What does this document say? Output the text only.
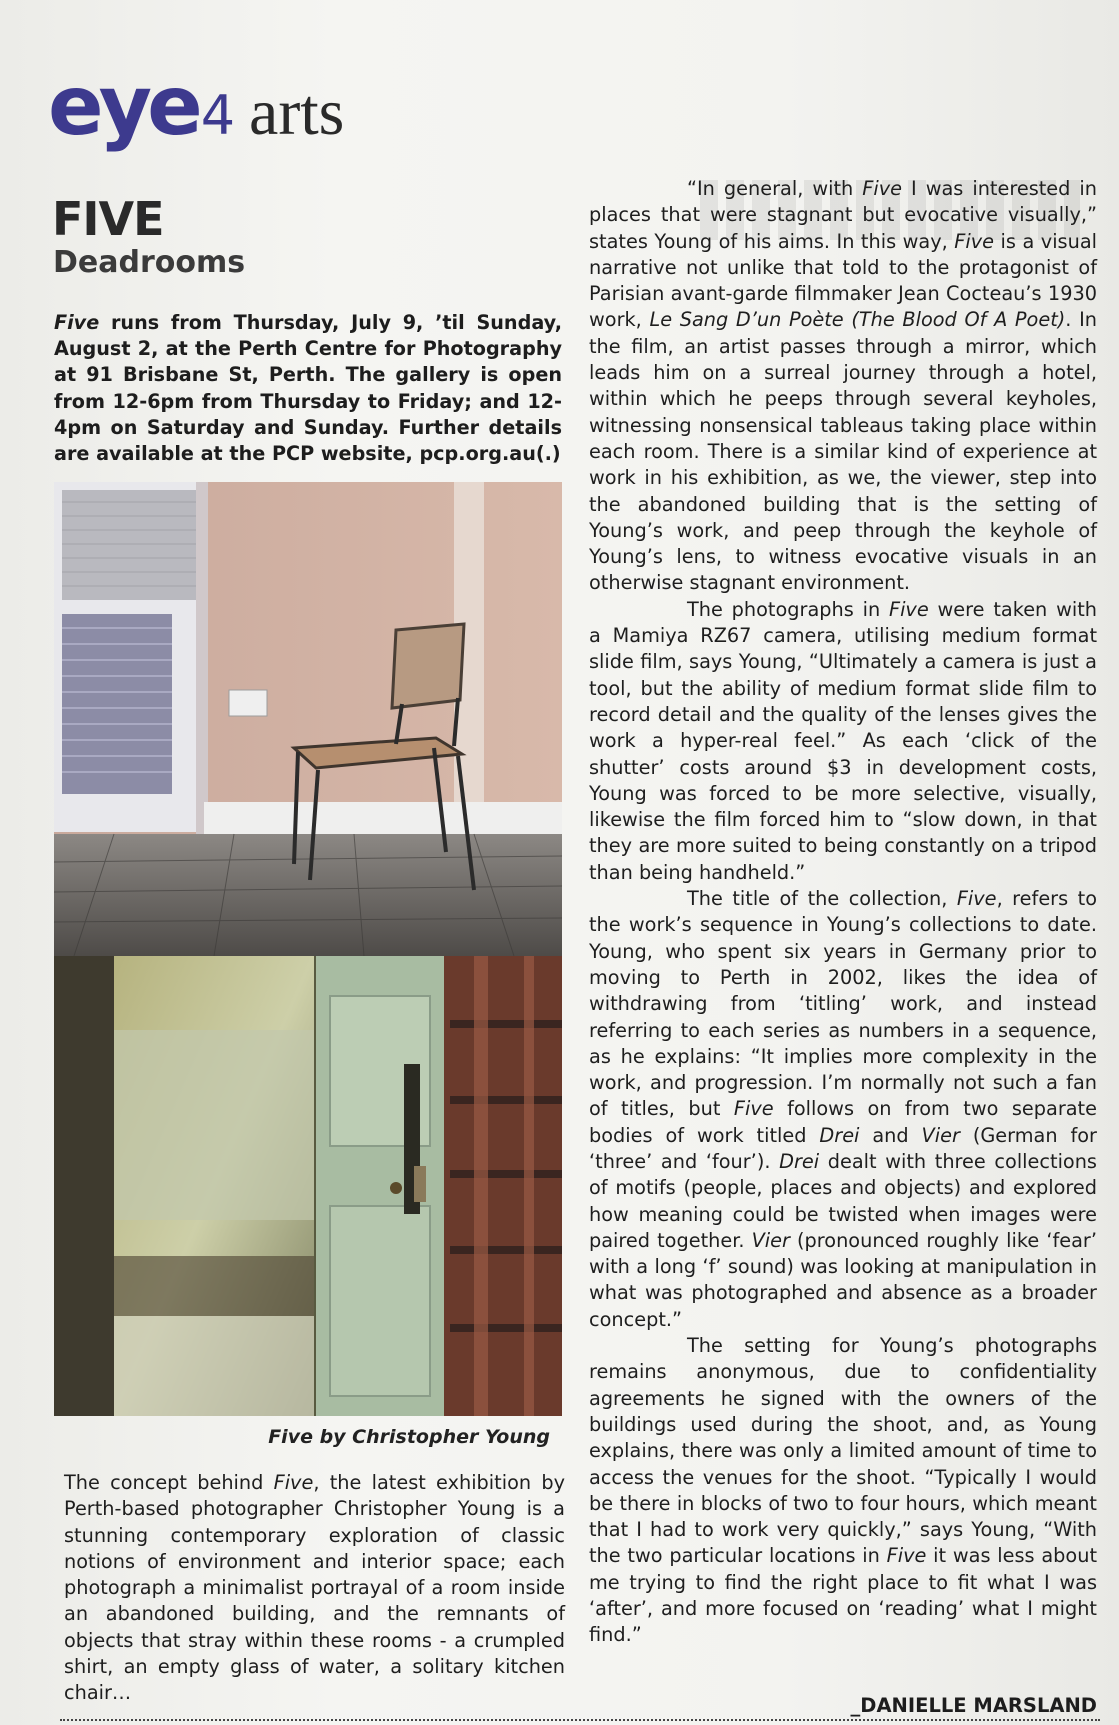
eye 4 arts
FIVE
Deadrooms
Five runs from Thursday, July 9, ’til Sunday, August 2, at the Perth Centre for Photography at 91 Brisbane St, Perth. The gallery is open from 12-6pm from Thursday to Friday; and 12-4pm on Saturday and Sunday. Further details are available at the PCP website, pcp.org.au(.)
Five by Christopher Young
The concept behind Five, the latest exhibition by Perth-based photographer Christopher Young is a stunning contemporary exploration of classic notions of environment and interior space; each photograph a minimalist portrayal of a room inside an abandoned building, and the remnants of objects that stray within these rooms - a crumpled shirt, an empty glass of water, a solitary kitchen chair…

“In general, with Five I was interested in places that were stagnant but evocative visually,” states Young of his aims. In this way, Five is a visual narrative not unlike that told to the protagonist of Parisian avant-garde filmmaker Jean Cocteau’s 1930 work, Le Sang D’un Poète (The Blood Of A Poet). In the film, an artist passes through a mirror, which leads him on a surreal journey through a hotel, within which he peeps through several keyholes, witnessing nonsensical tableaus taking place within each room. There is a similar kind of experience at work in his exhibition, as we, the viewer, step into the abandoned building that is the setting of Young’s work, and peep through the keyhole of Young’s lens, to witness evocative visuals in an otherwise stagnant environment.

The photographs in Five were taken with a Mamiya RZ67 camera, utilising medium format slide film, says Young, “Ultimately a camera is just a tool, but the ability of medium format slide film to record detail and the quality of the lenses gives the work a hyper-real feel.” As each ‘click of the shutter’ costs around $3 in development costs, Young was forced to be more selective, visually, likewise the film forced him to “slow down, in that they are more suited to being constantly on a tripod than being handheld.”

The title of the collection, Five, refers to the work’s sequence in Young’s collections to date. Young, who spent six years in Germany prior to moving to Perth in 2002, likes the idea of withdrawing from ‘titling’ work, and instead referring to each series as numbers in a sequence, as he explains: “It implies more complexity in the work, and progression. I’m normally not such a fan of titles, but Five follows on from two separate bodies of work titled Drei and Vier (German for ‘three’ and ‘four’). Drei dealt with three collections of motifs (people, places and objects) and explored how meaning could be twisted when images were paired together. Vier (pronounced roughly like ‘fear’ with a long ‘f’ sound) was looking at manipulation in what was photographed and absence as a broader concept.”

The setting for Young’s photographs remains anonymous, due to confidentiality agreements he signed with the owners of the buildings used during the shoot, and, as Young explains, there was only a limited amount of time to access the venues for the shoot. “Typically I would be there in blocks of two to four hours, which meant that I had to work very quickly,” says Young, “With the two particular locations in Five it was less about me trying to find the right place to fit what I was ‘after’, and more focused on ‘reading’ what I might find.”

_DANIELLE MARSLAND
